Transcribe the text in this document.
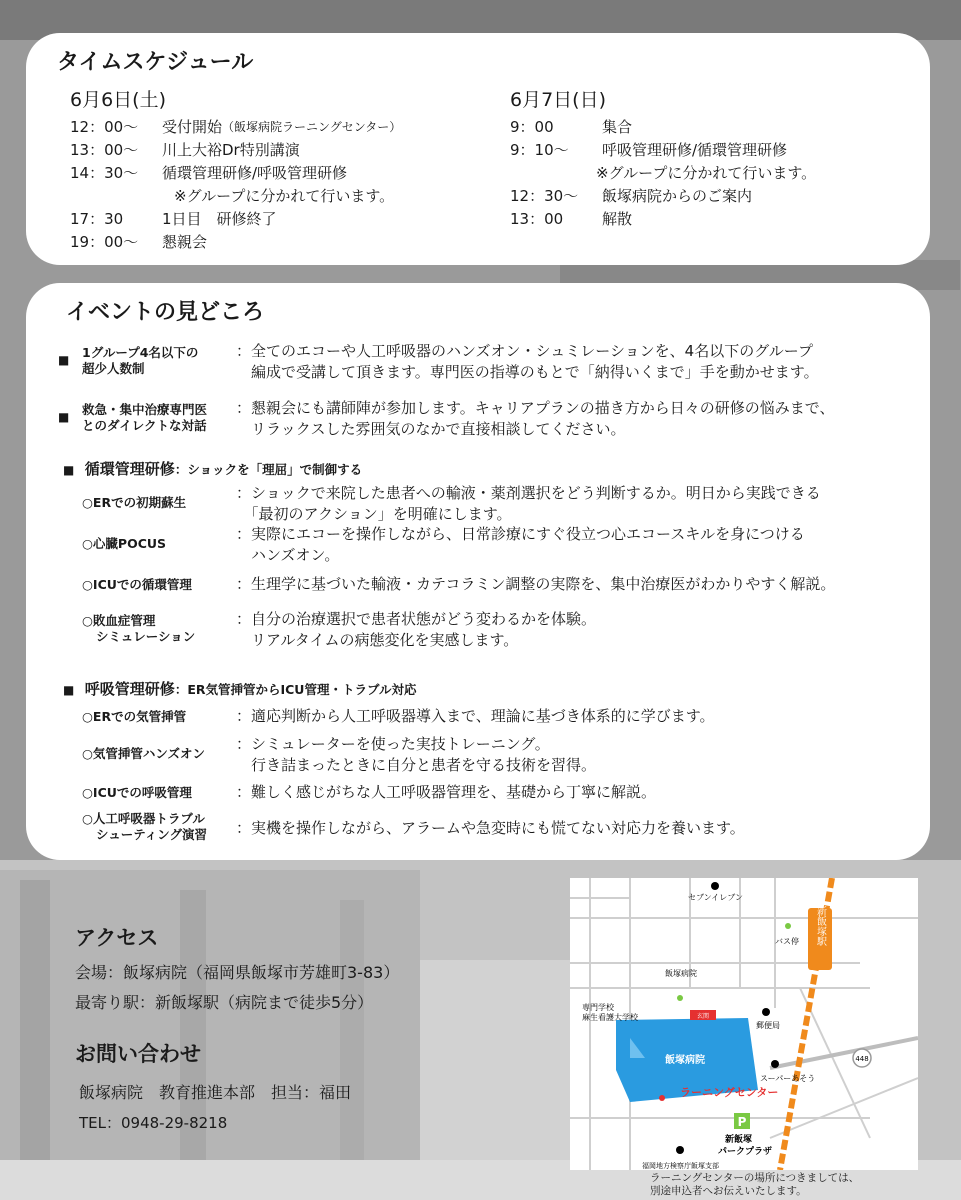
タイムスケジュール
6月6日(土)
12：00～	受付開始 （飯塚病院ラーニングセンター）
13：00～	川上大裕Dr特別講演
14：30～	循環管理研修/呼吸管理研修
※グループに分かれて行います。
17：30	1日目　研修終了
19：00～	懇親会
6月7日(日)
9：00	集合
9：10～	呼吸管理研修/循環管理研修
※グループに分かれて行います。
12：30～	飯塚病院からのご案内
13：00	解散
イベントの見どころ
■ 1グループ4名以下の
超少人数制
：全てのエコーや人工呼吸器のハンズオン・シュミレーションを、4名以下のグループ
　編成で受講して頂きます。専門医の指導のもとで「納得いくまで」手を動かせます。
■ 救急・集中治療専門医
とのダイレクトな対話
：懇親会にも講師陣が参加します。キャリアプランの描き方から日々の研修の悩みまで、
　リラックスした雰囲気のなかで直接相談してください。
■ 循環管理研修：ショックを「理屈」で制御する
○ERでの初期蘇生
：ショックで来院した患者への輸液・薬剤選択をどう判断するか。明日から実践できる
　「最初のアクション」を明確にします。
○心臓POCUS
：実際にエコーを操作しながら、日常診療にすぐ役立つ心エコースキルを身につける
　ハンズオン。
○ICUでの循環管理	：生理学に基づいた輸液・カテコラミン調整の実際を、集中治療医がわかりやすく解説。
○敗血症管理
シミュレーション
：自分の治療選択で患者状態がどう変わるかを体験。
　リアルタイムの病態変化を実感します。
■ 呼吸管理研修：ER気管挿管からICU管理・トラブル対応
○ERでの気管挿管	：適応判断から人工呼吸器導入まで、理論に基づき体系的に学びます。
○気管挿管ハンズオン
：シミュレーターを使った実技トレーニング。
　行き詰まったときに自分と患者を守る技術を習得。
○ICUでの呼吸管理	：難しく感じがちな人工呼吸器管理を、基礎から丁寧に解説。
○人工呼吸器トラブル
シューティング演習 ：実機を操作しながら、アラームや急変時にも慌てない対応力を養います。
アクセス
会場：飯塚病院（福岡県飯塚市芳雄町3-83）
最寄り駅：新飯塚駅（病院まで徒歩5分）
お問い合わせ
飯塚病院　教育推進本部　担当：福田
TEL：0948-29-8218
448
玄関
飯塚病院
ラーニングセンター
新飯塚駅
セブンイレブン
バス停
飯塚病院
専門学校
麻生看護大学校
郵便局
スーパーあそう
P
新飯塚
パークプラザ
福岡地方検察庁飯塚支部
ラーニングセンターの場所につきましては、
別途申込者へお伝えいたします。
